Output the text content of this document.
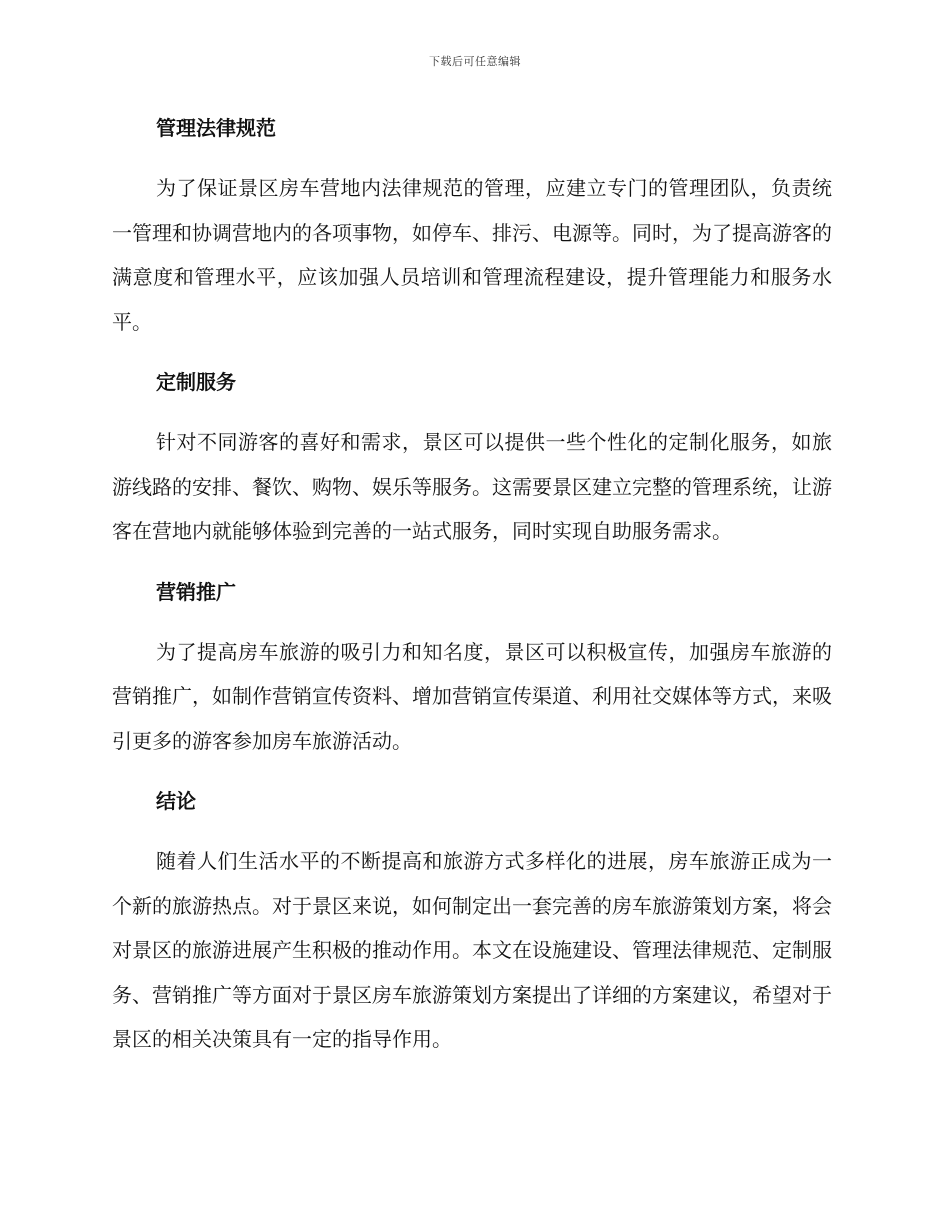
下载后可任意编辑
管理法律规范

为了保证景区房车营地内法律规范的管理，应建立专门的管理团队，负责统一管理和协调营地内的各项事物，如停车、排污、电源等。同时，为了提高游客的满意度和管理水平，应该加强人员培训和管理流程建设，提升管理能力和服务水平。

定制服务

针对不同游客的喜好和需求，景区可以提供一些个性化的定制化服务，如旅游线路的安排、餐饮、购物、娱乐等服务。这需要景区建立完整的管理系统，让游客在营地内就能够体验到完善的一站式服务，同时实现自助服务需求。

营销推广

为了提高房车旅游的吸引力和知名度，景区可以积极宣传，加强房车旅游的营销推广，如制作营销宣传资料、增加营销宣传渠道、利用社交媒体等方式，来吸引更多的游客参加房车旅游活动。

结论

随着人们生活水平的不断提高和旅游方式多样化的进展，房车旅游正成为一个新的旅游热点。对于景区来说，如何制定出一套完善的房车旅游策划方案，将会对景区的旅游进展产生积极的推动作用。本文在设施建设、管理法律规范、定制服务、营销推广等方面对于景区房车旅游策划方案提出了详细的方案建议，希望对于景区的相关决策具有一定的指导作用。
